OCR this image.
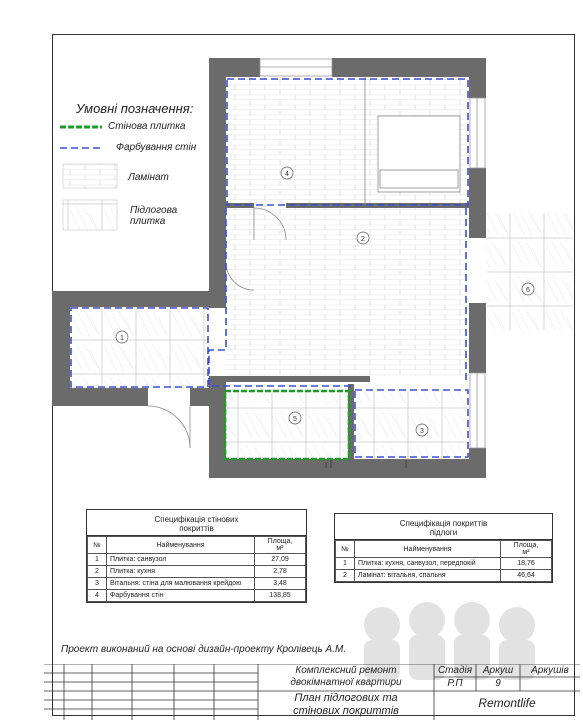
4
2
1
5
3
6
Умовні позначення:
Стінова плитка
Фарбування стін
Ламінат
Підлогова
плитка
Специфікація стінових
покриттів
№	Найменування	Площа,
м²

1	Плитка: санвузол	27,09
2	Плитка: кухня	2,78
3	Вітальня: стіна для малювання крейдою	3,48
4	Фарбування стін	138,85
Специфікація покриттів
підлоги
№	Найменування	Площа,
м²

1	Плитка: кухня, санвузол, передпокій	18,76
2	Ламінат: вітальня, спальня	46,64
Проект виконаний на основі дизайн-проекту Кролівець А.М.
Комплексний ремонт
двокімнатної квартири
План підлогових та
стінових покриттів
Стадія	Аркуш	Аркушів
Р.П	9
Remontlife
